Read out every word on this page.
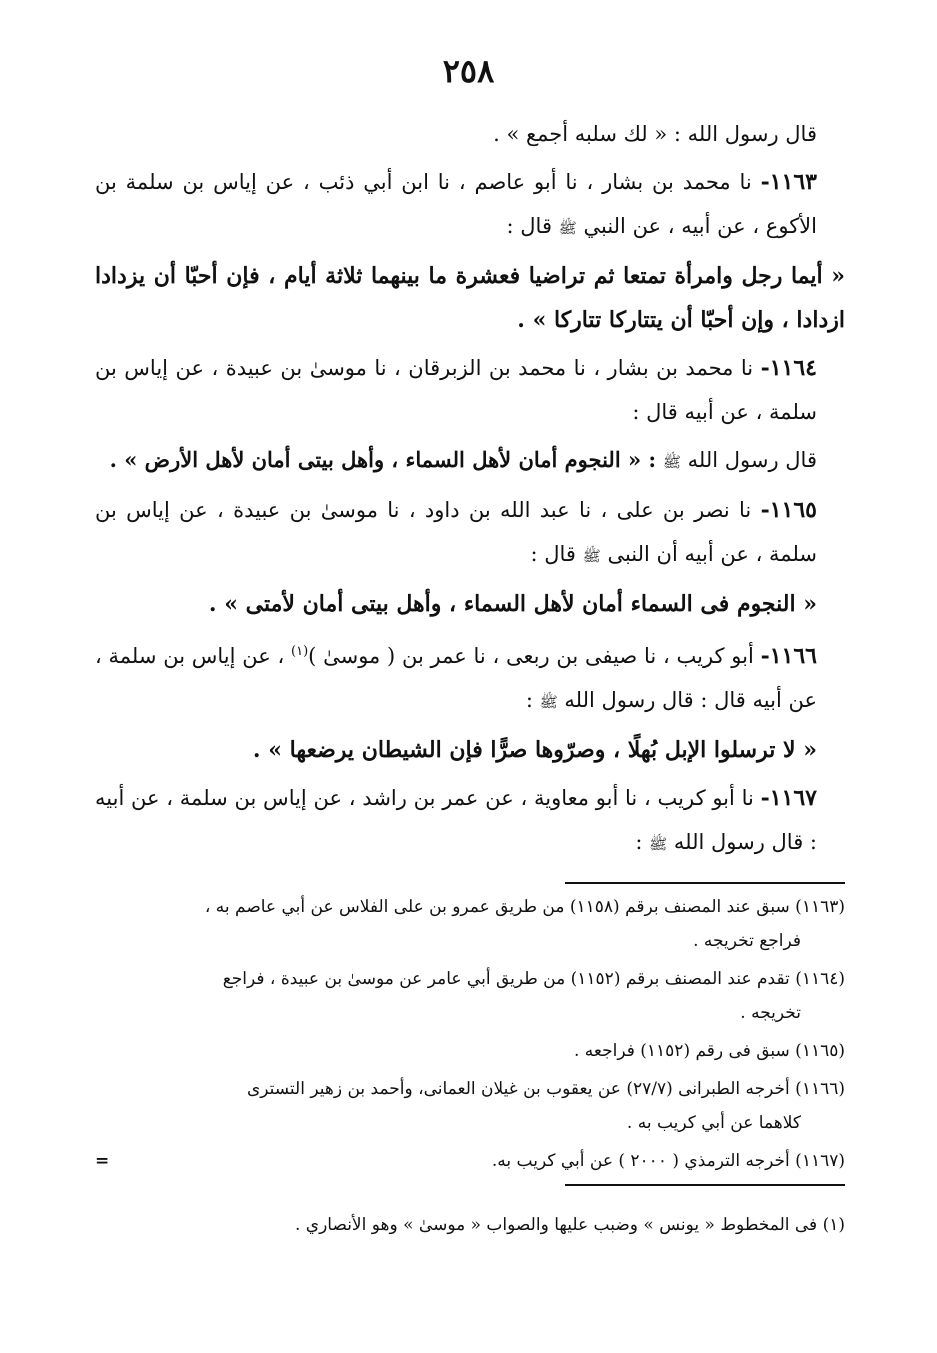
٢٥٨

قال رسول الله : « لك سلبه أجمع » .

١١٦٣- نا محمد بن بشار ، نا أبو عاصم ، نا ابن أبي ذئب ، عن إياس بن سلمة بن الأكوع ، عن أبيه ، عن النبي ﷺ قال :

« أيما رجل وامرأة تمتعا ثم تراضيا فعشرة ما بينهما ثلاثة أيام ، فإن أحبّا أن يزدادا ازدادا ، وإن أحبّا أن يتتاركا تتاركا » .

١١٦٤- نا محمد بن بشار ، نا محمد بن الزبرقان ، نا موسىٰ بن عبيدة ، عن إياس بن سلمة ، عن أبيه قال :

قال رسول الله ﷺ : « النجوم أمان لأهل السماء ، وأهل بيتى أمان لأهل الأرض » .

١١٦٥- نا نصر بن على ، نا عبد الله بن داود ، نا موسىٰ بن عبيدة ، عن إياس بن سلمة ، عن أبيه أن النبى ﷺ قال :

« النجوم فى السماء أمان لأهل السماء ، وأهل بيتى أمان لأمتى » .

١١٦٦- أبو كريب ، نا صيفى بن ربعى ، نا عمر بن ( موسىٰ )$^{(١)}$ ، عن إياس بن سلمة ، عن أبيه قال : قال رسول الله ﷺ :

« لا ترسلوا الإبل بُهلًا ، وصرّوها صرًّا فإن الشيطان يرضعها » .

١١٦٧- نا أبو كريب ، نا أبو معاوية ، عن عمر بن راشد ، عن إياس بن سلمة ، عن أبيه : قال رسول الله ﷺ :

(١١٦٣) سبق عند المصنف برقم (١١٥٨) من طريق عمرو بن على الفلاس عن أبي عاصم به ،
فراجع تخريجه .
(١١٦٤) تقدم عند المصنف برقم (١١٥٢) من طريق أبي عامر عن موسىٰ بن عبيدة ، فراجع
تخريجه .
(١١٦٥) سبق فى رقم (١١٥٢) فراجعه .
(١١٦٦) أخرجه الطبرانى (٢٧/٧) عن يعقوب بن غيلان العمانى، وأحمد بن زهير التسترى
كلاهما عن أبي كريب به .
(١١٦٧) أخرجه الترمذي ( ٢٠٠٠ ) عن أبي كريب به.
=
(١) فى المخطوط « يونس » وضبب عليها والصواب « موسىٰ » وهو الأنصاري .
